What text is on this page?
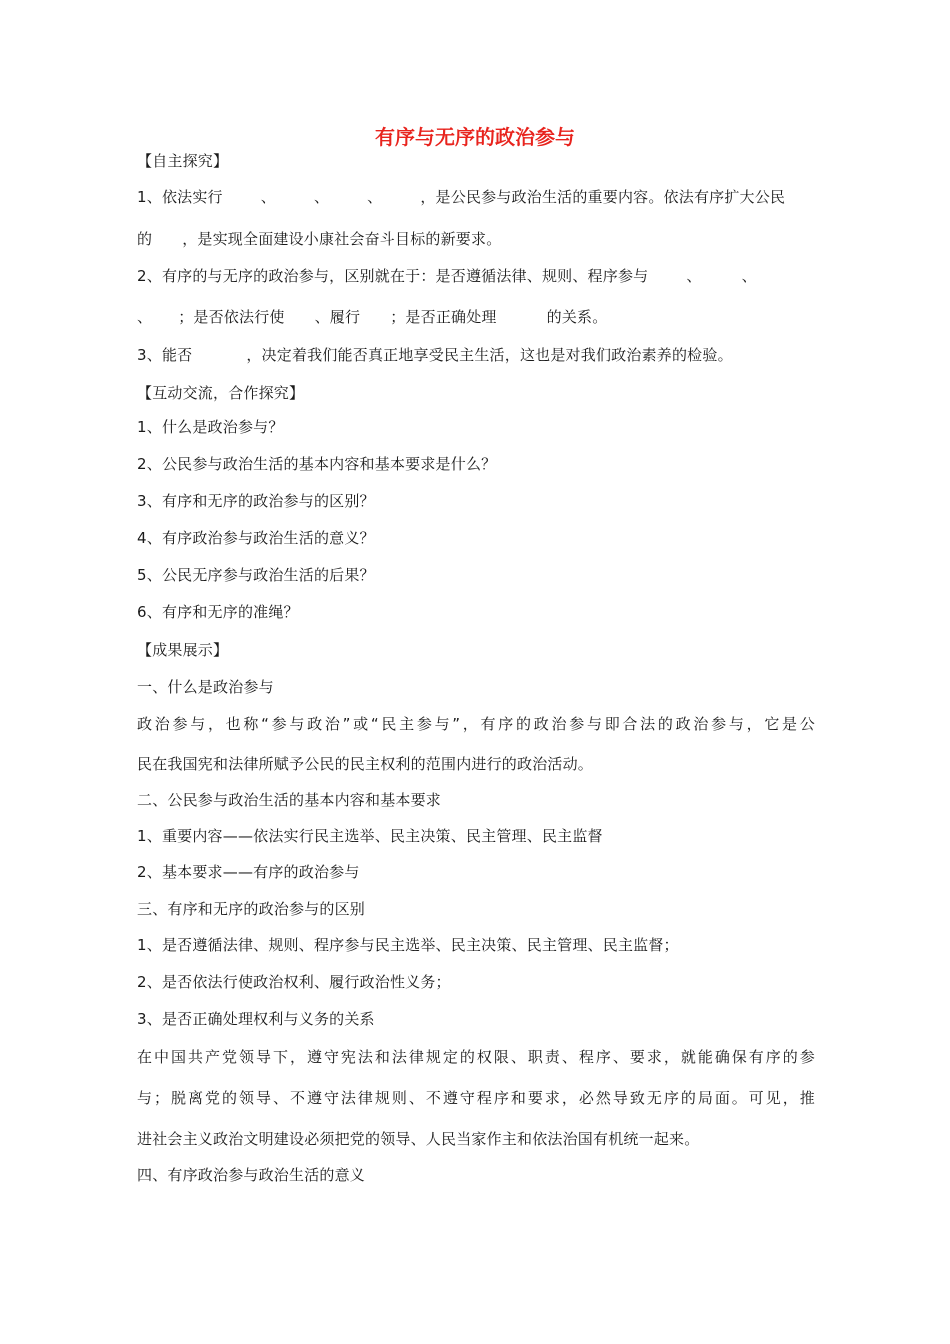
有序与无序的政治参与
【自主探究】
1、依法实行	、	、	、	，是公民参与政治生活的重要内容。依法有序扩大公民
的 ，是实现全面建设小康社会奋斗目标的新要求。
2、有序的与无序的政治参与，区别就在于：是否遵循法律、规则、程序参与	、	、
、 ；是否依法行使 、履行 ；是否正确处理	的关系。
3、能否	，决定着我们能否真正地享受民主生活，这也是对我们政治素养的检验。
【互动交流，合作探究】
1、什么是政治参与？
2、公民参与政治生活的基本内容和基本要求是什么？
3、有序和无序的政治参与的区别？
4、有序政治参与政治生活的意义？
5、公民无序参与政治生活的后果？
6、有序和无序的准绳？
【成果展示】
一、什么是政治参与
政治参与，也称“参与政治”或“民主参与”，有序的政治参与即合法的政治参与，它是公
民在我国宪和法律所赋予公民的民主权利的范围内进行的政治活动。
二、公民参与政治生活的基本内容和基本要求
1、重要内容——依法实行民主选举、民主决策、民主管理、民主监督
2、基本要求——有序的政治参与
三、有序和无序的政治参与的区别
1、是否遵循法律、规则、程序参与民主选举、民主决策、民主管理、民主监督；
2、是否依法行使政治权利、履行政治性义务；
3、是否正确处理权利与义务的关系
在中国共产党领导下，遵守宪法和法律规定的权限、职责、程序、要求，就能确保有序的参
与；脱离党的领导、不遵守法律规则、不遵守程序和要求，必然导致无序的局面。可见，推
进社会主义政治文明建设必须把党的领导、人民当家作主和依法治国有机统一起来。
四、有序政治参与政治生活的意义
